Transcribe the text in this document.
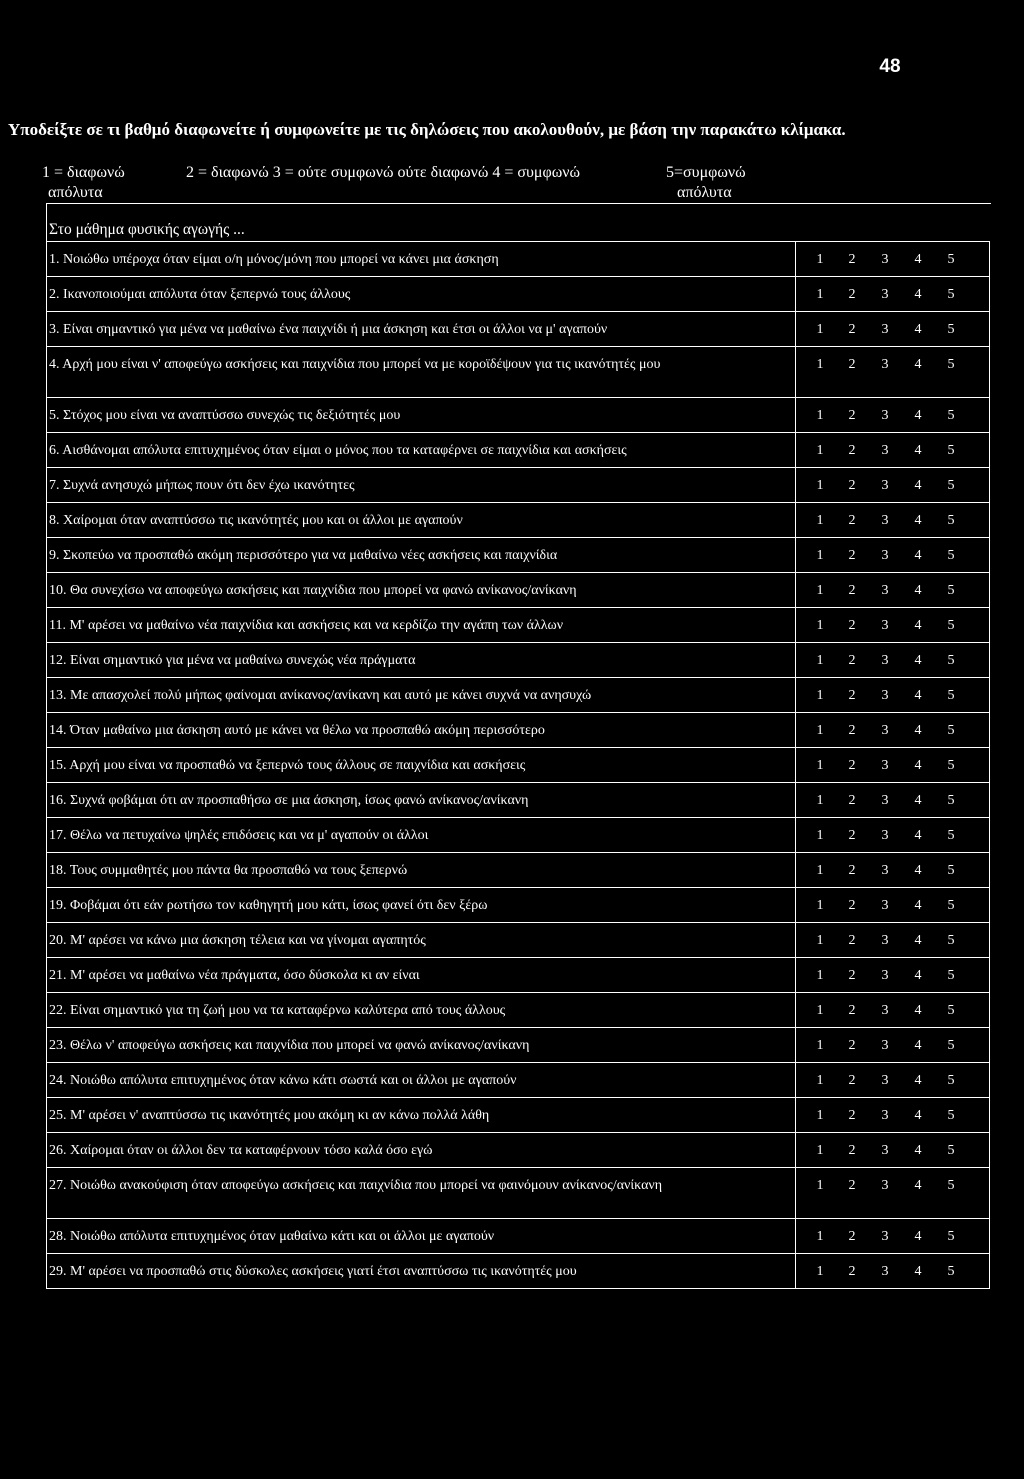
48
Υποδείξτε σε τι βαθμό διαφωνείτε ή συμφωνείτε με τις δηλώσεις που ακολουθούν, με βάση την παρακάτω κλίμακα.
1 = διαφωνώ
απόλυτα
2 = διαφωνώ 3 = ούτε συμφωνώ ούτε διαφωνώ 4 = συμφωνώ	5=συμφωνώ
απόλυτα
Στο μάθημα φυσικής αγωγής ...
1. Νοιώθω υπέροχα όταν είμαι ο/η μόνος/μόνη που μπορεί να κάνει μια άσκηση	1 2 3 4 5
2. Ικανοποιούμαι απόλυτα όταν ξεπερνώ τους άλλους	1 2 3 4 5
3. Είναι σημαντικό για μένα να μαθαίνω ένα παιχνίδι ή μια άσκηση και έτσι οι άλλοι να μ' αγαπούν	1 2 3 4 5
4. Αρχή μου είναι ν' αποφεύγω ασκήσεις και παιχνίδια που μπορεί να με κοροϊδέψουν για τις ικανότητές μου	1 2 3 4 5
5. Στόχος μου είναι να αναπτύσσω συνεχώς τις δεξιότητές μου	1 2 3 4 5
6. Αισθάνομαι απόλυτα επιτυχημένος όταν είμαι ο μόνος που τα καταφέρνει σε παιχνίδια και ασκήσεις	1 2 3 4 5
7. Συχνά ανησυχώ μήπως πουν ότι δεν έχω ικανότητες	1 2 3 4 5
8. Χαίρομαι όταν αναπτύσσω τις ικανότητές μου και οι άλλοι με αγαπούν	1 2 3 4 5
9. Σκοπεύω να προσπαθώ ακόμη περισσότερο για να μαθαίνω νέες ασκήσεις και παιχνίδια	1 2 3 4 5
10. Θα συνεχίσω να αποφεύγω ασκήσεις και παιχνίδια που μπορεί να φανώ ανίκανος/ανίκανη	1 2 3 4 5
11. Μ' αρέσει να μαθαίνω νέα παιχνίδια και ασκήσεις και να κερδίζω την αγάπη των άλλων	1 2 3 4 5
12. Είναι σημαντικό για μένα να μαθαίνω συνεχώς νέα πράγματα	1 2 3 4 5
13. Με απασχολεί πολύ μήπως φαίνομαι ανίκανος/ανίκανη και αυτό με κάνει συχνά να ανησυχώ	1 2 3 4 5
14. Όταν μαθαίνω μια άσκηση αυτό με κάνει να θέλω να προσπαθώ ακόμη περισσότερο	1 2 3 4 5
15. Αρχή μου είναι να προσπαθώ να ξεπερνώ τους άλλους σε παιχνίδια και ασκήσεις	1 2 3 4 5
16. Συχνά φοβάμαι ότι αν προσπαθήσω σε μια άσκηση, ίσως φανώ ανίκανος/ανίκανη	1 2 3 4 5
17. Θέλω να πετυχαίνω ψηλές επιδόσεις και να μ' αγαπούν οι άλλοι	1 2 3 4 5
18. Τους συμμαθητές μου πάντα θα προσπαθώ να τους ξεπερνώ	1 2 3 4 5
19. Φοβάμαι ότι εάν ρωτήσω τον καθηγητή μου κάτι, ίσως φανεί ότι δεν ξέρω	1 2 3 4 5
20. Μ' αρέσει να κάνω μια άσκηση τέλεια και να γίνομαι αγαπητός	1 2 3 4 5
21. Μ' αρέσει να μαθαίνω νέα πράγματα, όσο δύσκολα κι αν είναι	1 2 3 4 5
22. Είναι σημαντικό για τη ζωή μου να τα καταφέρνω καλύτερα από τους άλλους	1 2 3 4 5
23. Θέλω ν' αποφεύγω ασκήσεις και παιχνίδια που μπορεί να φανώ ανίκανος/ανίκανη	1 2 3 4 5
24. Νοιώθω απόλυτα επιτυχημένος όταν κάνω κάτι σωστά και οι άλλοι με αγαπούν	1 2 3 4 5
25. Μ' αρέσει ν' αναπτύσσω τις ικανότητές μου ακόμη κι αν κάνω πολλά λάθη	1 2 3 4 5
26. Χαίρομαι όταν οι άλλοι δεν τα καταφέρνουν τόσο καλά όσο εγώ	1 2 3 4 5
27. Νοιώθω ανακούφιση όταν αποφεύγω ασκήσεις και παιχνίδια που μπορεί να φαινόμουν ανίκανος/ανίκανη	1 2 3 4 5
28. Νοιώθω απόλυτα επιτυχημένος όταν μαθαίνω κάτι και οι άλλοι με αγαπούν	1 2 3 4 5
29. Μ' αρέσει να προσπαθώ στις δύσκολες ασκήσεις γιατί έτσι αναπτύσσω τις ικανότητές μου	1 2 3 4 5
